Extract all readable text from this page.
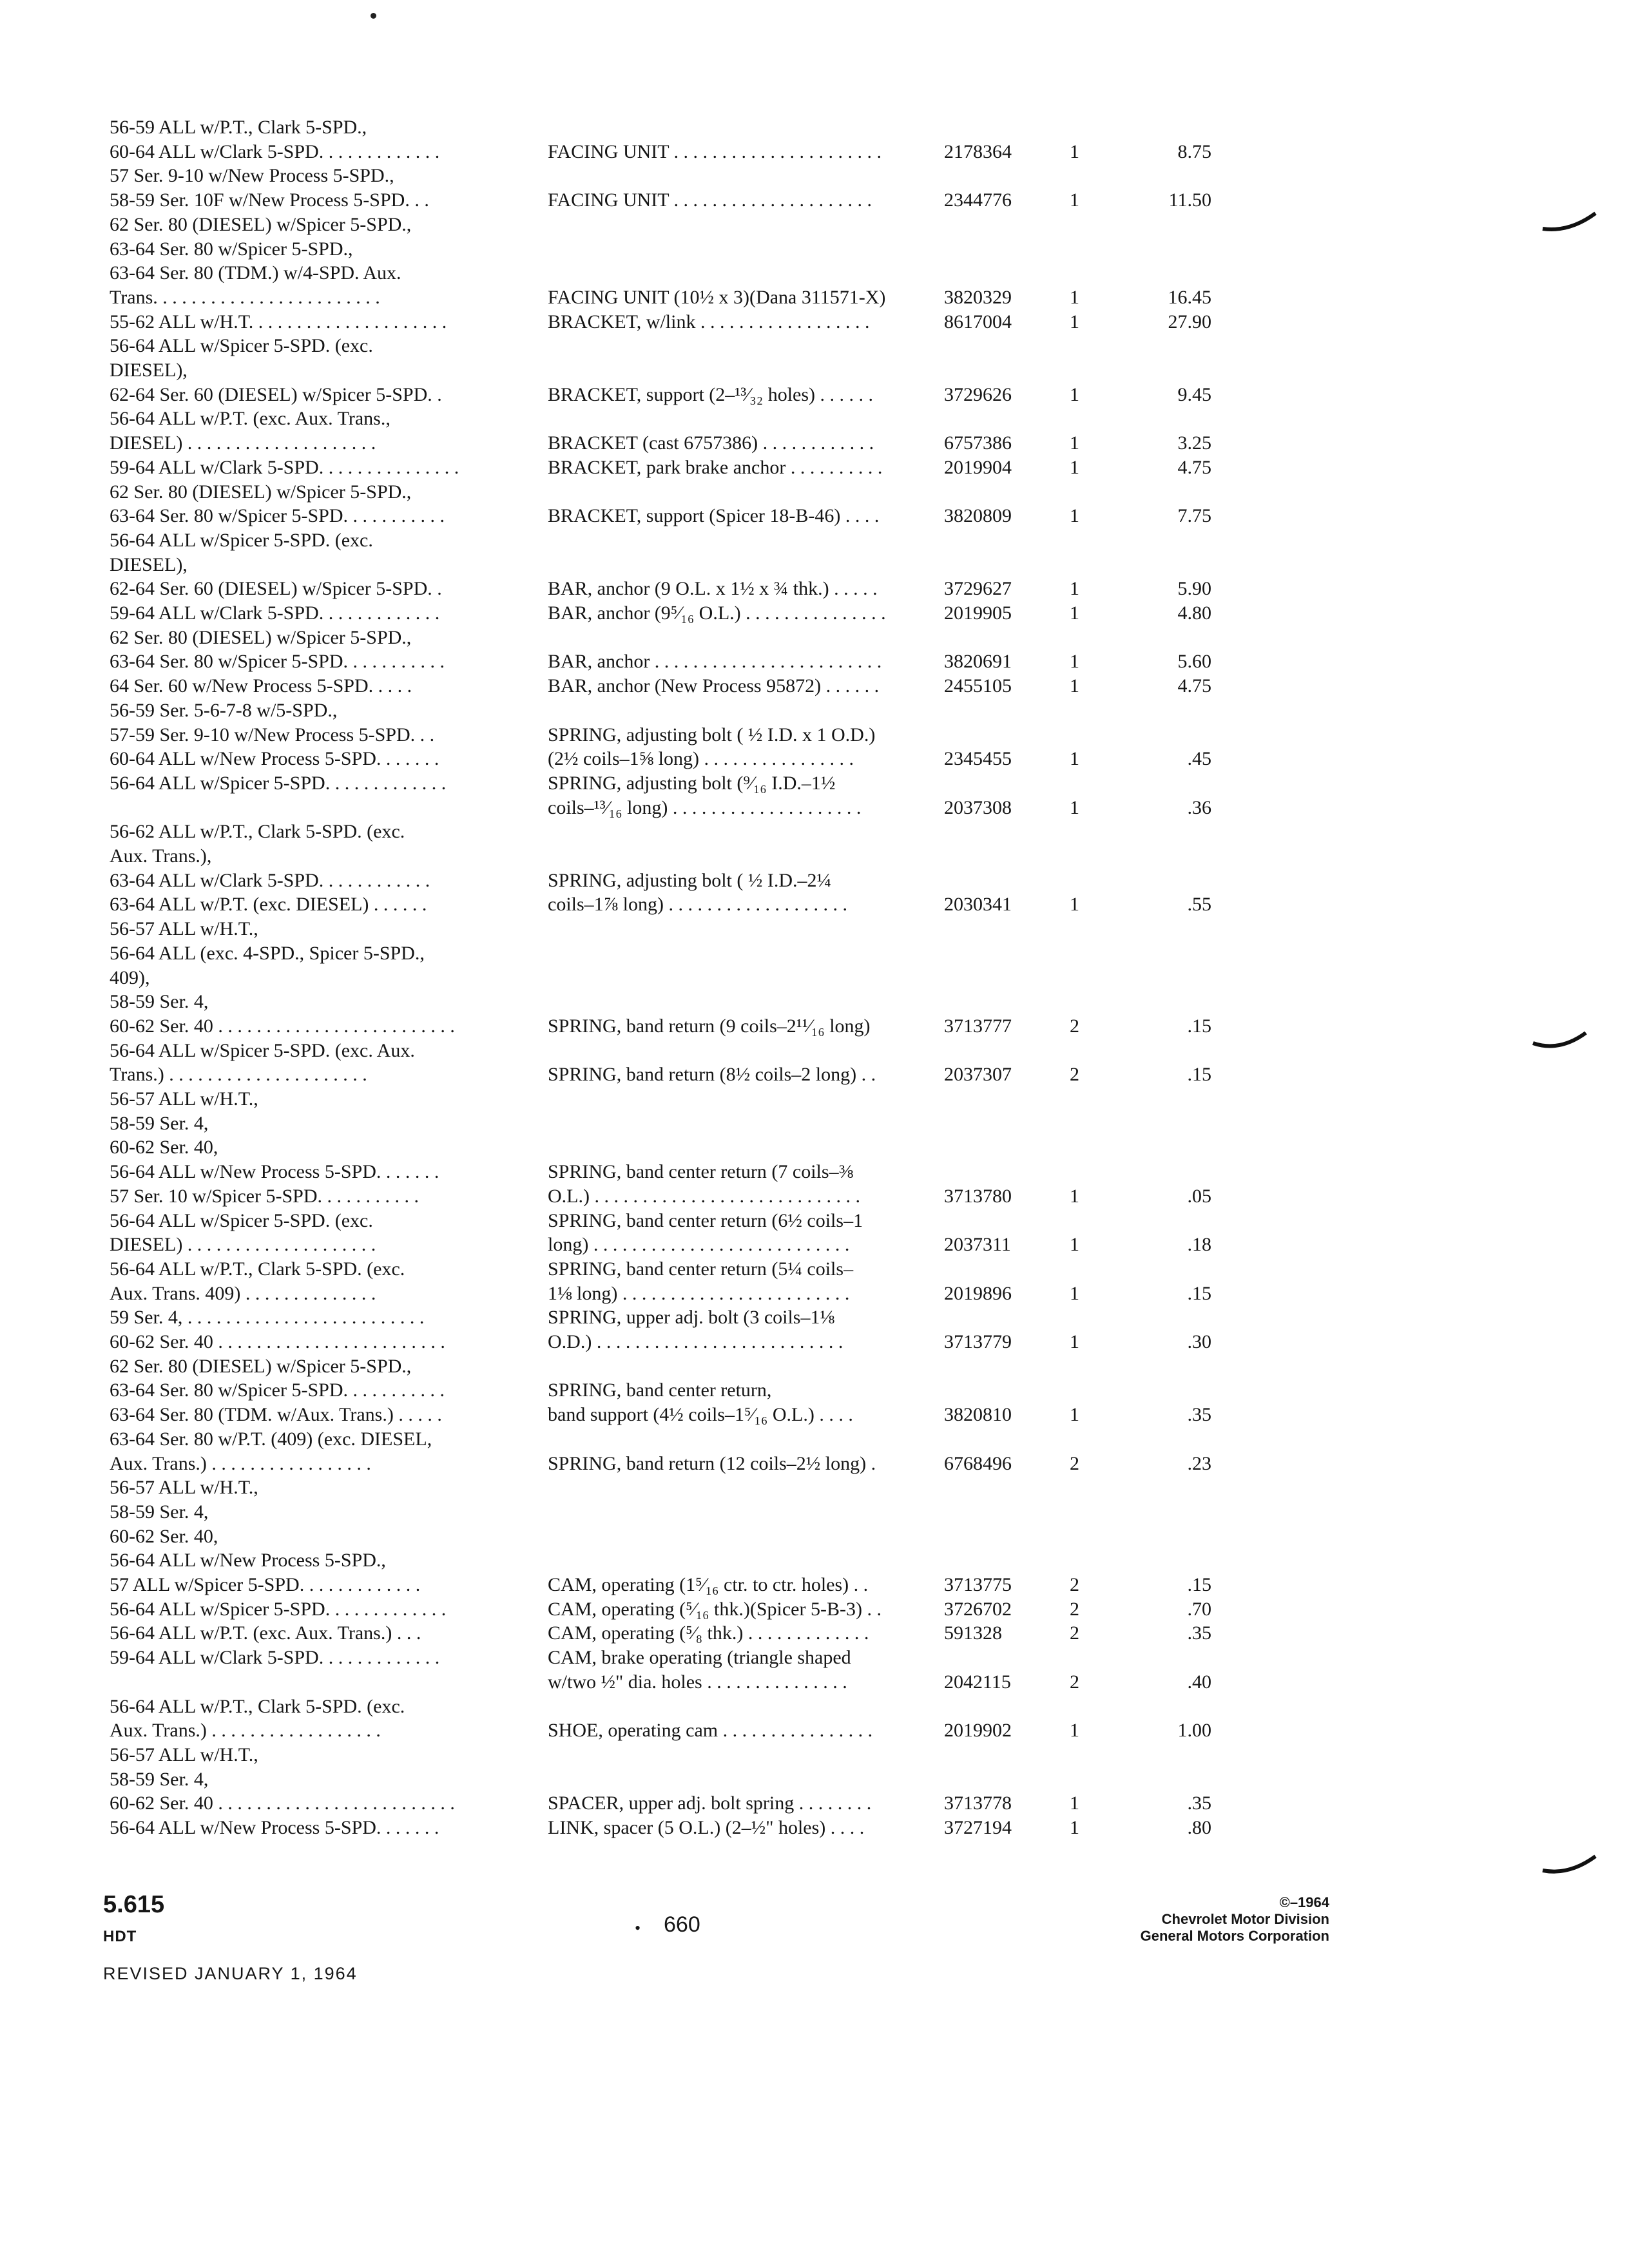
56-59 ALL w/P.T., Clark 5-SPD.,
60-64 ALL w/Clark 5-SPD. . . . . . . . . . . . .	FACING UNIT . . . . . . . . . . . . . . . . . . . . . .	2178364	1	8.75
57 Ser. 9-10 w/New Process 5-SPD.,
58-59 Ser. 10F w/New Process 5-SPD. . .	FACING UNIT . . . . . . . . . . . . . . . . . . . . .	2344776	1	11.50
62 Ser. 80 (DIESEL) w/Spicer 5-SPD.,
63-64 Ser. 80 w/Spicer 5-SPD.,
63-64 Ser. 80 (TDM.) w/4-SPD. Aux.
Trans. . . . . . . . . . . . . . . . . . . . . . . .	FACING UNIT (10½ x 3)(Dana 311571-X)	3820329	1	16.45
55-62 ALL w/H.T. . . . . . . . . . . . . . . . . . . . .	BRACKET, w/link . . . . . . . . . . . . . . . . . .	8617004	1	27.90
56-64 ALL w/Spicer 5-SPD. (exc.
DIESEL),
62-64 Ser. 60 (DIESEL) w/Spicer 5-SPD. .	BRACKET, support (2–¹³⁄₃₂ holes) . . . . . .	3729626	1	9.45
56-64 ALL w/P.T. (exc. Aux. Trans.,
DIESEL) . . . . . . . . . . . . . . . . . . . .	BRACKET (cast 6757386) . . . . . . . . . . . .	6757386	1	3.25
59-64 ALL w/Clark 5-SPD. . . . . . . . . . . . . . .	BRACKET, park brake anchor . . . . . . . . . .	2019904	1	4.75
62 Ser. 80 (DIESEL) w/Spicer 5-SPD.,
63-64 Ser. 80 w/Spicer 5-SPD. . . . . . . . . . .	BRACKET, support (Spicer 18-B-46) . . . .	3820809	1	7.75
56-64 ALL w/Spicer 5-SPD. (exc.
DIESEL),
62-64 Ser. 60 (DIESEL) w/Spicer 5-SPD. .	BAR, anchor (9 O.L. x 1½ x ¾ thk.) . . . . .	3729627	1	5.90
59-64 ALL w/Clark 5-SPD. . . . . . . . . . . . .	BAR, anchor (9⁵⁄₁₆ O.L.) . . . . . . . . . . . . . . .	2019905	1	4.80
62 Ser. 80 (DIESEL) w/Spicer 5-SPD.,
63-64 Ser. 80 w/Spicer 5-SPD. . . . . . . . . . .	BAR, anchor . . . . . . . . . . . . . . . . . . . . . . . .	3820691	1	5.60
64 Ser. 60 w/New Process 5-SPD. . . . .	BAR, anchor (New Process 95872) . . . . . .	2455105	1	4.75
56-59 Ser. 5-6-7-8 w/5-SPD.,
57-59 Ser. 9-10 w/New Process 5-SPD. . .	SPRING, adjusting bolt ( ½ I.D. x 1 O.D.)
60-64 ALL w/New Process 5-SPD. . . . . . .	(2½ coils–1⅝ long) . . . . . . . . . . . . . . . .	2345455	1	.45
56-64 ALL w/Spicer 5-SPD. . . . . . . . . . . . .	SPRING, adjusting bolt (⁹⁄₁₆ I.D.–1½
coils–¹³⁄₁₆ long) . . . . . . . . . . . . . . . . . . . .	2037308	1	.36
56-62 ALL w/P.T., Clark 5-SPD. (exc.
Aux. Trans.),
63-64 ALL w/Clark 5-SPD. . . . . . . . . . . .	SPRING, adjusting bolt ( ½ I.D.–2¼
63-64 ALL w/P.T. (exc. DIESEL) . . . . . .	coils–1⅞ long) . . . . . . . . . . . . . . . . . . .	2030341	1	.55
56-57 ALL w/H.T.,
56-64 ALL (exc. 4-SPD., Spicer 5-SPD.,
409),
58-59 Ser. 4,
60-62 Ser. 40 . . . . . . . . . . . . . . . . . . . . . . . . .	SPRING, band return (9 coils–2¹¹⁄₁₆ long)	3713777	2	.15
56-64 ALL w/Spicer 5-SPD. (exc. Aux.
Trans.) . . . . . . . . . . . . . . . . . . . . .	SPRING, band return (8½ coils–2 long) . .	2037307	2	.15
56-57 ALL w/H.T.,
58-59 Ser. 4,
60-62 Ser. 40,
56-64 ALL w/New Process 5-SPD. . . . . . .	SPRING, band center return (7 coils–⅜
57 Ser. 10 w/Spicer 5-SPD. . . . . . . . . . .	O.L.) . . . . . . . . . . . . . . . . . . . . . . . . . . . .	3713780	1	.05
56-64 ALL w/Spicer 5-SPD. (exc.	SPRING, band center return (6½ coils–1
DIESEL) . . . . . . . . . . . . . . . . . . . .	long) . . . . . . . . . . . . . . . . . . . . . . . . . . .	2037311	1	.18
56-64 ALL w/P.T., Clark 5-SPD. (exc.	SPRING, band center return (5¼ coils–
Aux. Trans. 409) . . . . . . . . . . . . . .	1⅛ long) . . . . . . . . . . . . . . . . . . . . . . . .	2019896	1	.15
59 Ser. 4, . . . . . . . . . . . . . . . . . . . . . . . . .	SPRING, upper adj. bolt (3 coils–1⅛
60-62 Ser. 40 . . . . . . . . . . . . . . . . . . . . . . . .	O.D.) . . . . . . . . . . . . . . . . . . . . . . . . . .	3713779	1	.30
62 Ser. 80 (DIESEL) w/Spicer 5-SPD.,
63-64 Ser. 80 w/Spicer 5-SPD. . . . . . . . . . .	SPRING, band center return,
63-64 Ser. 80 (TDM. w/Aux. Trans.) . . . . .	band support (4½ coils–1⁵⁄₁₆ O.L.) . . . .	3820810	1	.35
63-64 Ser. 80 w/P.T. (409) (exc. DIESEL,
Aux. Trans.) . . . . . . . . . . . . . . . . .	SPRING, band return (12 coils–2½ long) .	6768496	2	.23
56-57 ALL w/H.T.,
58-59 Ser. 4,
60-62 Ser. 40,
56-64 ALL w/New Process 5-SPD.,
57 ALL w/Spicer 5-SPD. . . . . . . . . . . . .	CAM, operating (1⁵⁄₁₆ ctr. to ctr. holes) . .	3713775	2	.15
56-64 ALL w/Spicer 5-SPD. . . . . . . . . . . . .	CAM, operating (⁵⁄₁₆ thk.)(Spicer 5-B-3) . .	3726702	2	.70
56-64 ALL w/P.T. (exc. Aux. Trans.) . . .	CAM, operating (⁵⁄₈ thk.) . . . . . . . . . . . . .	591328	2	.35
59-64 ALL w/Clark 5-SPD. . . . . . . . . . . . .	CAM, brake operating (triangle shaped
w/two ½" dia. holes . . . . . . . . . . . . . . .	2042115	2	.40
56-64 ALL w/P.T., Clark 5-SPD. (exc.
Aux. Trans.) . . . . . . . . . . . . . . . . . .	SHOE, operating cam . . . . . . . . . . . . . . . .	2019902	1	1.00
56-57 ALL w/H.T.,
58-59 Ser. 4,
60-62 Ser. 40 . . . . . . . . . . . . . . . . . . . . . . . . .	SPACER, upper adj. bolt spring . . . . . . . .	3713778	1	.35
56-64 ALL w/New Process 5-SPD. . . . . . .	LINK, spacer (5 O.L.) (2–½" holes) . . . .	3727194	1	.80
5.615
HDT
REVISED JANUARY 1, 1964
• 660
©–1964
Chevrolet Motor Division
General Motors Corporation
